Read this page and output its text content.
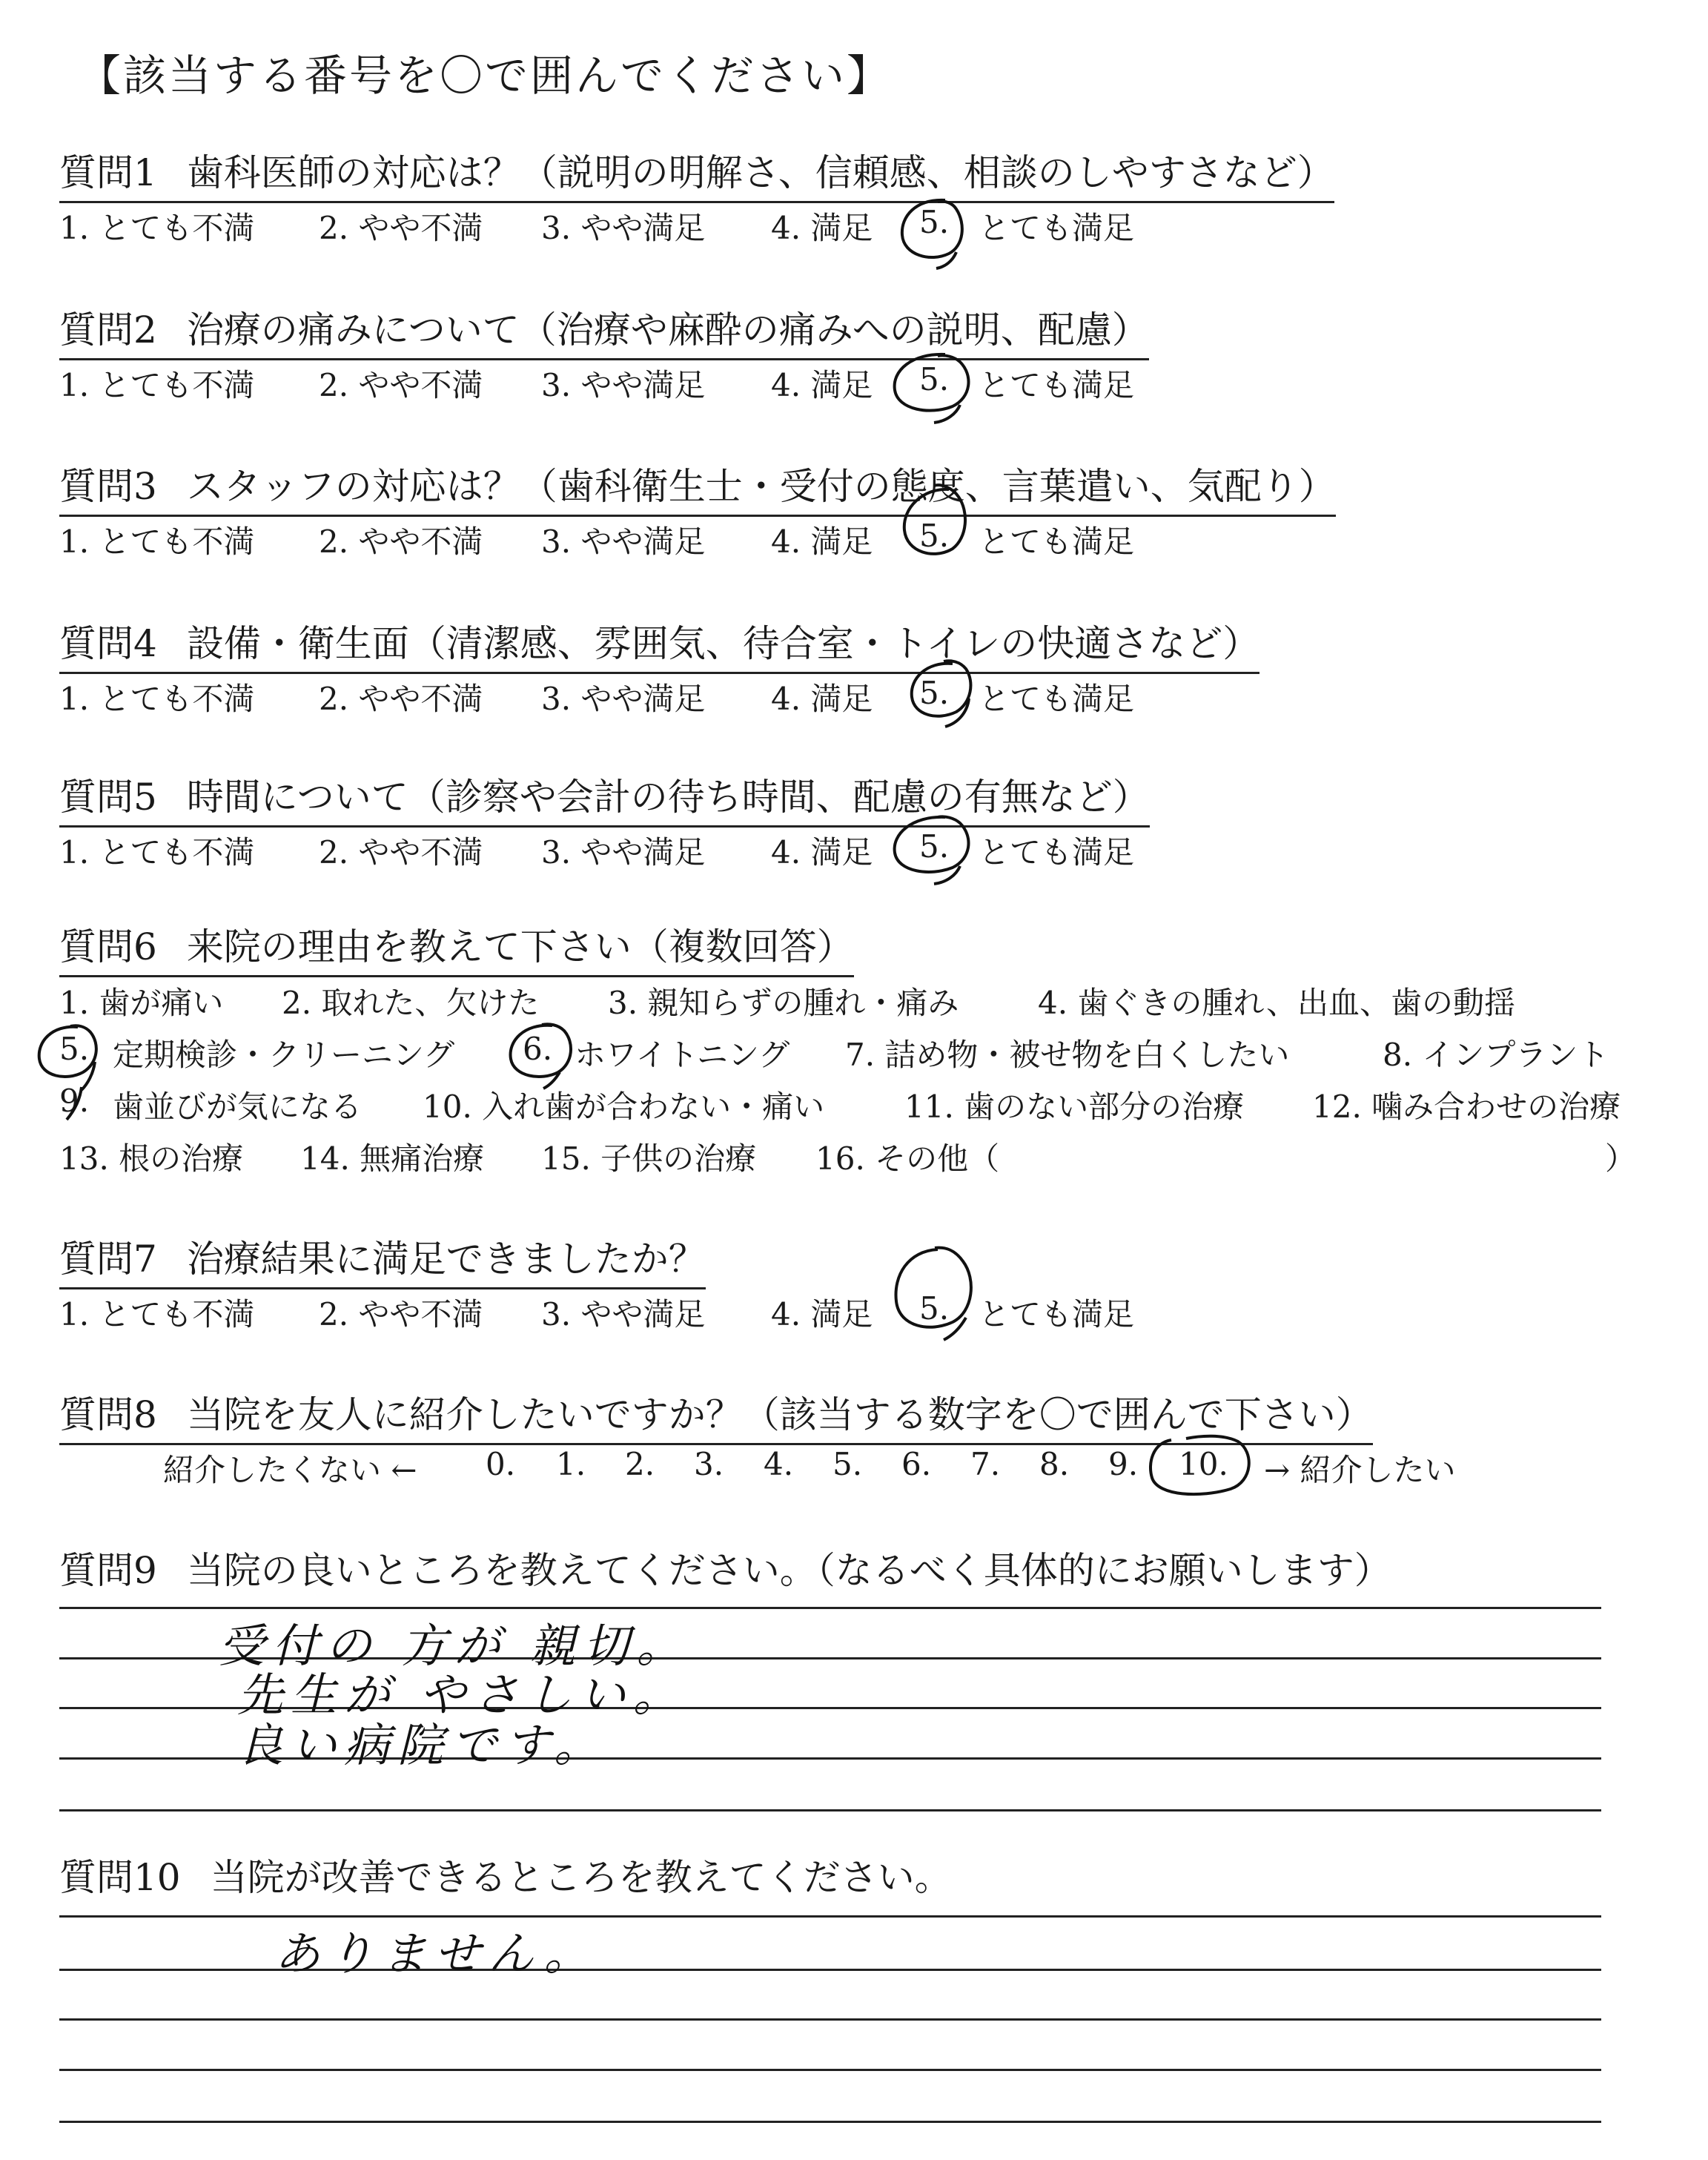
【該当する番号を〇で囲んでください】
質問1 歯科医師の対応は？（説明の明解さ、信頼感、相談のしやすさなど）
1. とても不満 2. やや不満 3. やや満足 4. 満足 5. とても満足
質問2 治療の痛みについて（治療や麻酔の痛みへの説明、配慮）
1. とても不満 2. やや不満 3. やや満足 4. 満足 5. とても満足
質問3 スタッフの対応は？（歯科衛生士・受付の態度、言葉遣い、気配り）
1. とても不満 2. やや不満 3. やや満足 4. 満足 5. とても満足
質問4 設備・衛生面（清潔感、雰囲気、待合室・トイレの快適さなど）
1. とても不満 2. やや不満 3. やや満足 4. 満足 5. とても満足
質問5 時間について（診察や会計の待ち時間、配慮の有無など）
1. とても不満 2. やや不満 3. やや満足 4. 満足 5. とても満足
質問6 来院の理由を教えて下さい（複数回答）
1. 歯が痛い 2. 取れた、欠けた 3. 親知らずの腫れ・痛み	4. 歯ぐきの腫れ、出血、歯の動揺
5. 定期検診・クリーニング 6. ホワイトニング 7. 詰め物・被せ物を白くしたい	8. インプラント
9. 歯並びが気になる 10. 入れ歯が合わない・痛い	11. 歯のない部分の治療 12. 噛み合わせの治療
13. 根の治療 14. 無痛治療 15. 子供の治療 16. その他（	）
質問7 治療結果に満足できましたか？
1. とても不満 2. やや不満 3. やや満足 4. 満足 5. とても満足
質問8 当院を友人に紹介したいですか？（該当する数字を〇で囲んで下さい）
紹介したくない ← 0. 1. 2. 3. 4. 5. 6. 7. 8. 9. 10. → 紹介したい
質問9 当院の良いところを教えてください。（なるべく具体的にお願いします）
受付の 方が 親切。
先生が やさしい。
良い病院です。
質問10 当院が改善できるところを教えてください。
ありません。
